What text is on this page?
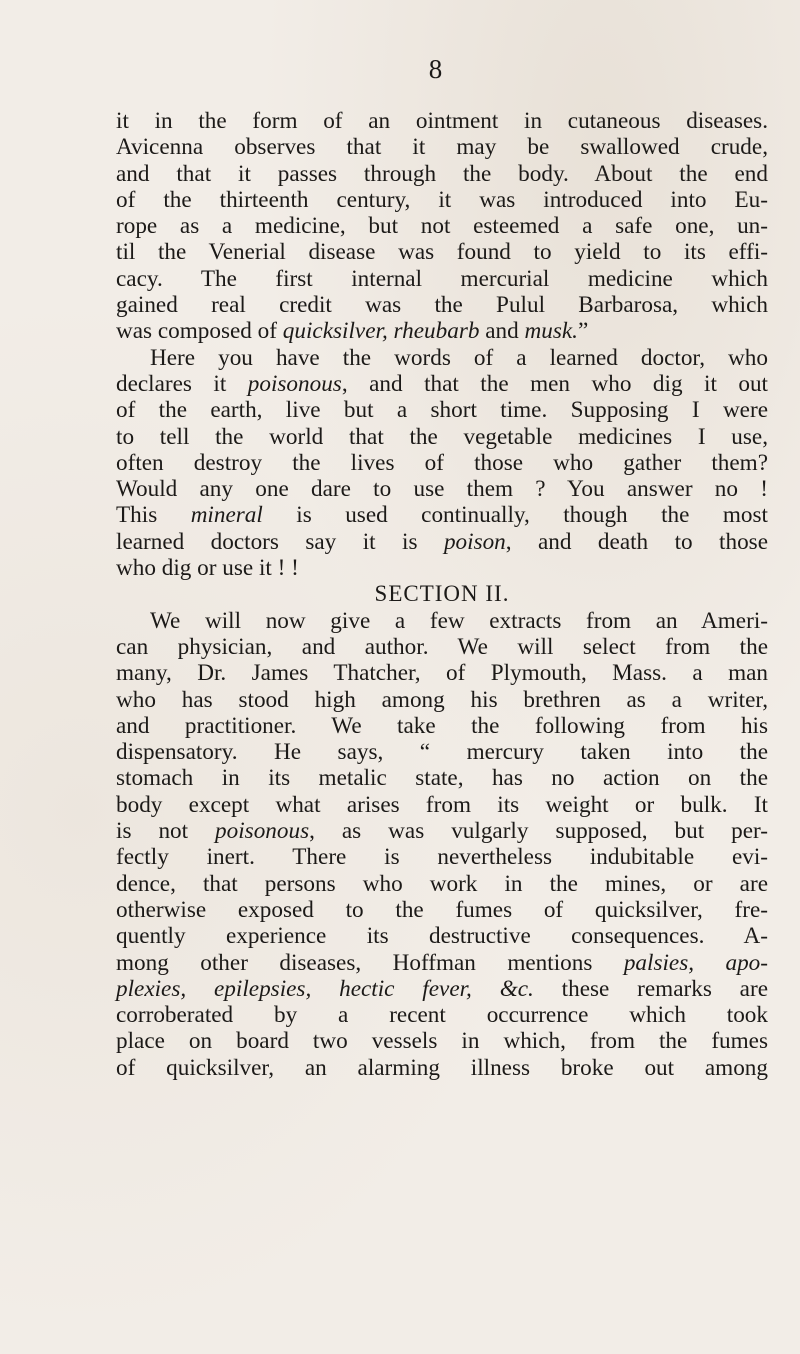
8
it in the form of an ointment in cutaneous diseases.
Avicenna observes that it may be swallowed crude,
and that it passes through the body. About the end
of the thirteenth century, it was introduced into Eu-
rope as a medicine, but not esteemed a safe one, un-
til the Venerial disease was found to yield to its effi-
cacy. The first internal mercurial medicine which
gained real credit was the Pulul Barbarosa, which
was composed of quicksilver, rheubarb and musk.”
Here you have the words of a learned doctor, who
declares it poisonous, and that the men who dig it out
of the earth, live but a short time. Supposing I were
to tell the world that the vegetable medicines I use,
often destroy the lives of those who gather them?
Would any one dare to use them ? You answer no !
This mineral is used continually, though the most
learned doctors say it is poison, and death to those
who dig or use it ! !
SECTION II.
We will now give a few extracts from an Ameri-
can physician, and author. We will select from the
many, Dr. James Thatcher, of Plymouth, Mass. a man
who has stood high among his brethren as a writer,
and practitioner. We take the following from his
dispensatory. He says, “ mercury taken into the
stomach in its metalic state, has no action on the
body except what arises from its weight or bulk. It
is not poisonous, as was vulgarly supposed, but per-
fectly inert. There is nevertheless indubitable evi-
dence, that persons who work in the mines, or are
otherwise exposed to the fumes of quicksilver, fre-
quently experience its destructive consequences. A-
mong other diseases, Hoffman mentions palsies, apo-
plexies, epilepsies, hectic fever, &c. these remarks are
corroberated by a recent occurrence which took
place on board two vessels in which, from the fumes
of quicksilver, an alarming illness broke out among
